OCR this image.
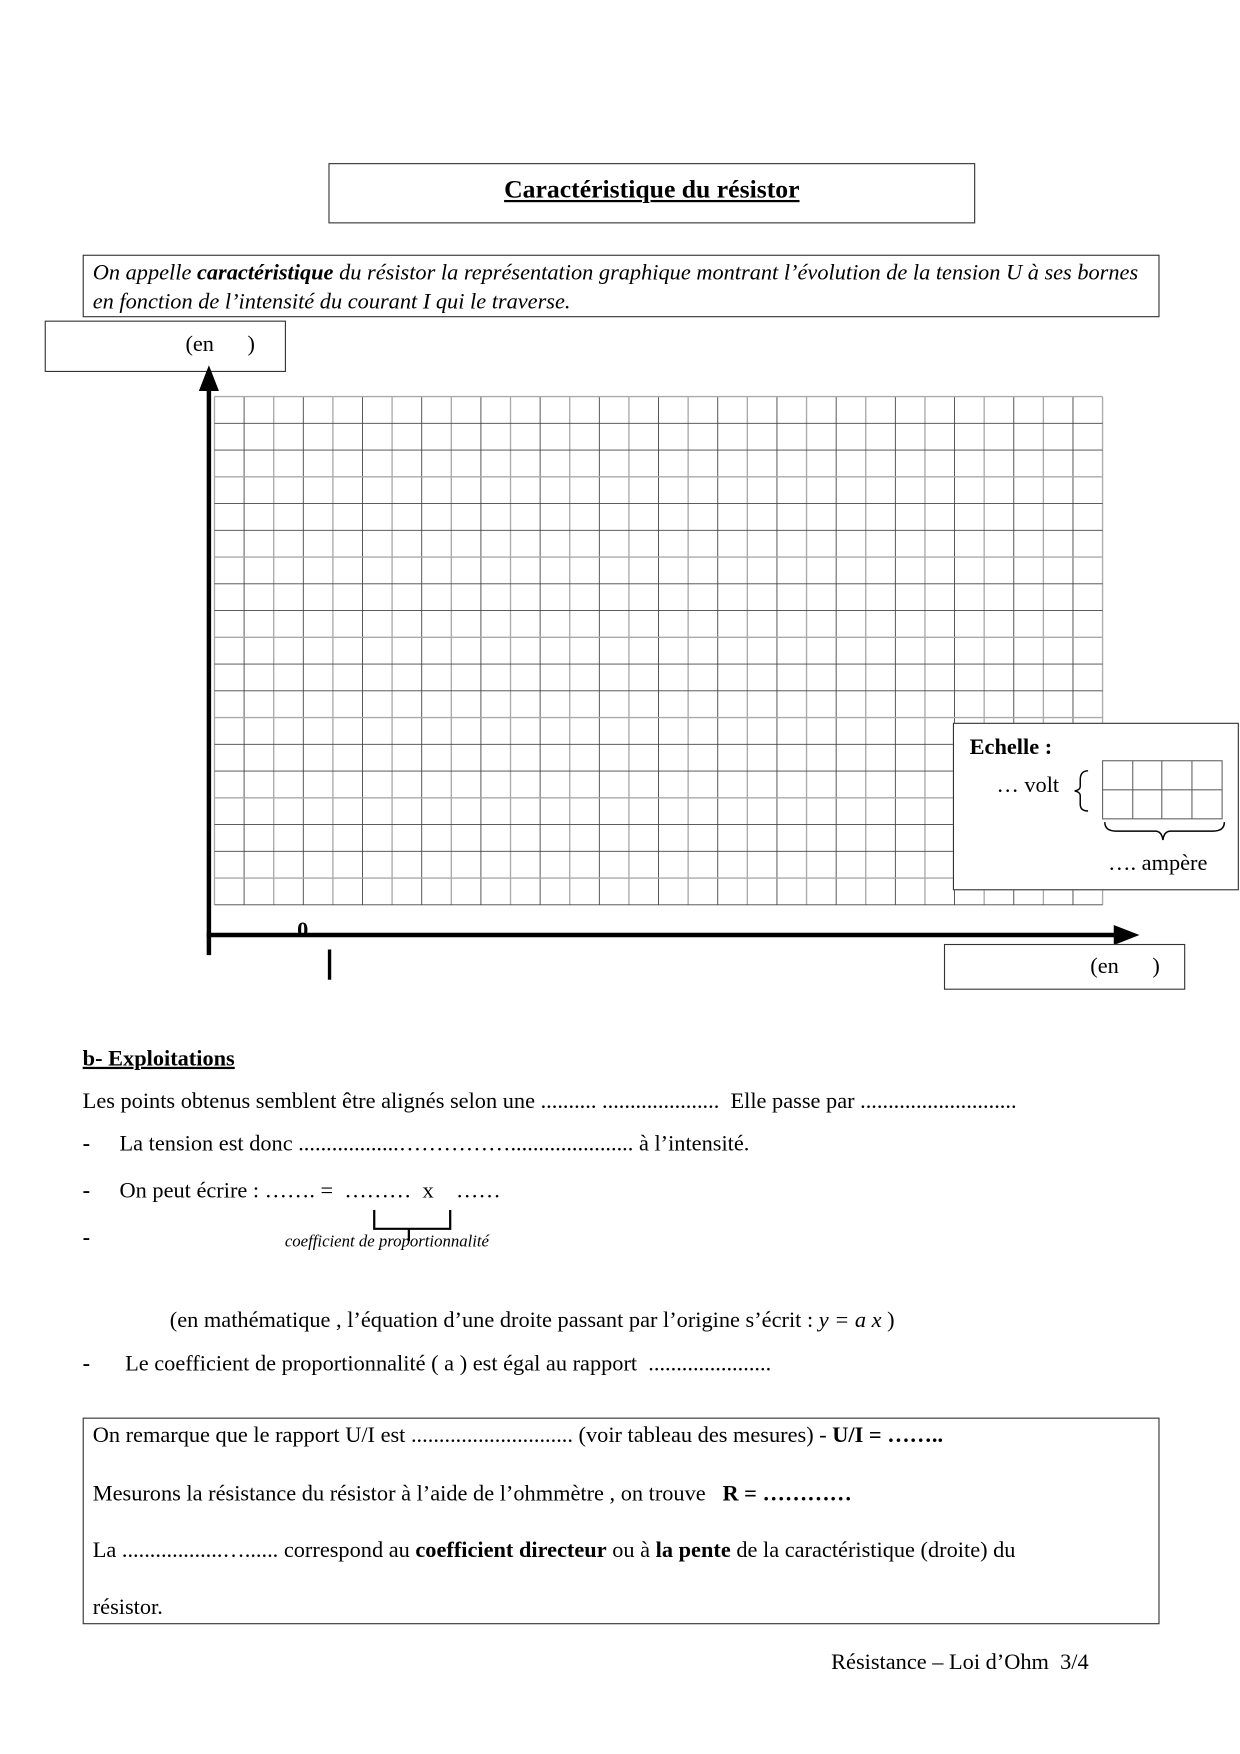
Caractéristique du résistor
On appelle caractéristique du résistor la représentation graphique montrant l’évolution de la tension U à ses bornes en fonction de l’intensité du courant I qui le traverse.
(en      )
0
Echelle :
… volt
…. ampère
(en      )
b- Exploitations
Les points obtenus semblent être alignés selon une .......... .....................  Elle passe par ............................
- La tension est donc ..................……………...................... à l’intensité.
- On peut écrire : ……. =  ………  x    ……
-	coefficient de proportionnalité
(en mathématique , l’équation d’une droite passant par l’origine s’écrit : y = a x )
- Le coefficient de proportionnalité ( a ) est égal au rapport  ......................
On remarque que le rapport U/I est ............................. (voir tableau des mesures) - U/I = ……..
Mesurons la résistance du résistor à l’aide de l’ohmmètre , on trouve   R = …………
La ..................…...... correspond au coefficient directeur ou à la pente de la caractéristique (droite) du
résistor.
Résistance – Loi d’Ohm  3/4
